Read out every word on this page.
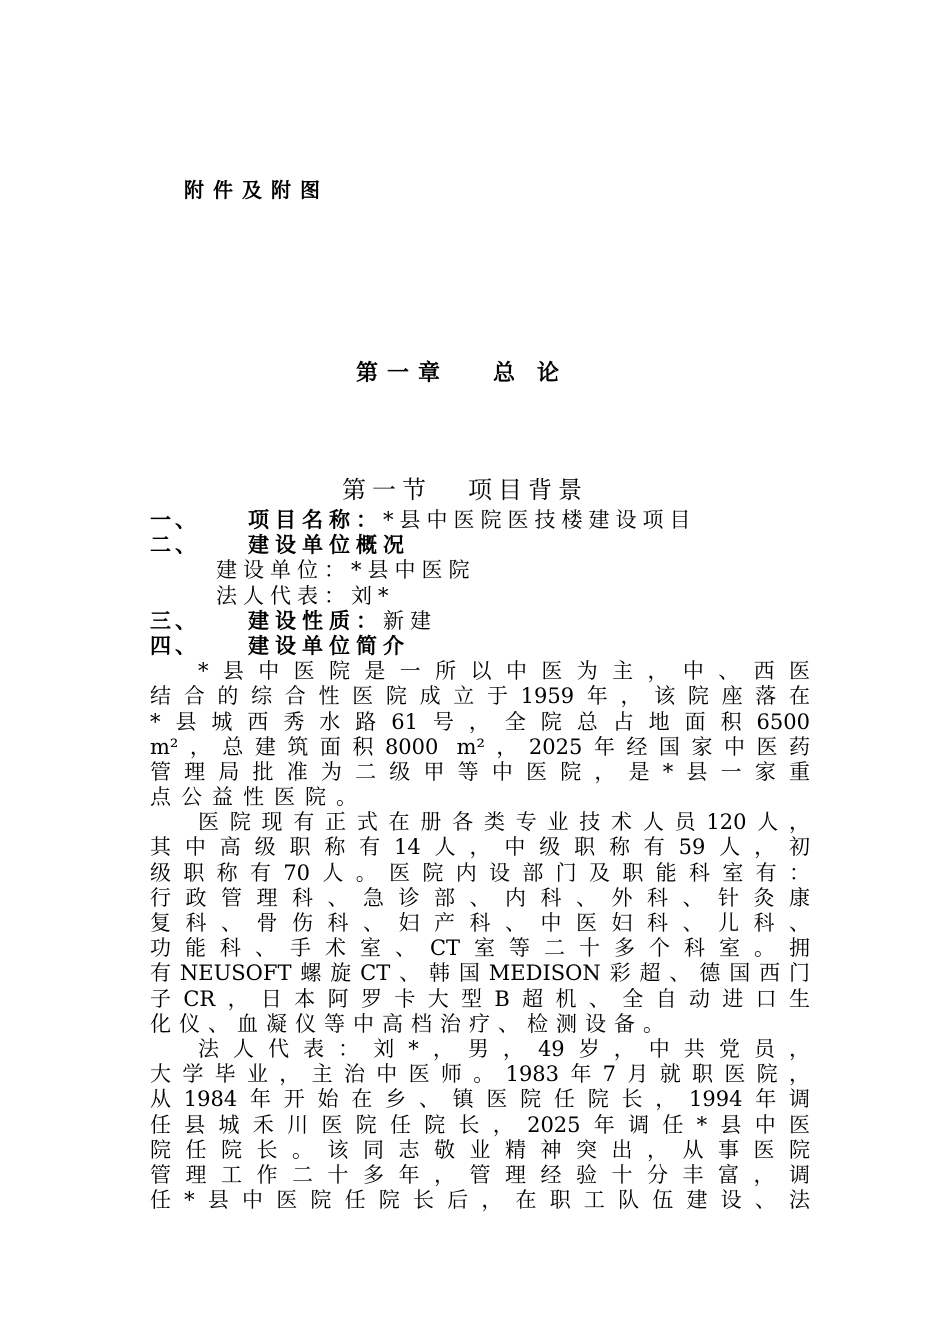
附件及附图
第一章 总　论
第一节 项目背景
一、 项目名称：*县中医院医技楼建设项目
二、 建设单位概况
建设单位：*县中医院
法人代表：刘*
三、 建设性质：新建
四、 建设单位简介
*县中医院是一所以中医为主，中、西医
结合的综合性医院成立于1959年，该院座落在
*县城西秀水路61号，全院总占地面积6500
m²，总建筑面积8000 m²，2025年经国家中医药
管理局批准为二级甲等中医院，是*县一家重
点公益性医院。
医院现有正式在册各类专业技术人员120人，
其中高级职称有14人，中级职称有59人，初
级职称有70人。医院内设部门及职能科室有：
行政管理科、急诊部、内科、外科、针灸康
复科、骨伤科、妇产科、中医妇科、儿科、
功能科、手术室、CT室等二十多个科室。拥
有NEUSOFT螺旋CT、韩国MEDISON彩超、德国西门
子CR，日本阿罗卡大型B超机、全自动进口生
化仪、血凝仪等中高档治疗、检测设备。
法人代表：刘*，男，49岁，中共党员，
大学毕业，主治中医师。1983年7月就职医院，
从1984年开始在乡、镇医院任院长，1994年调
任县城禾川医院任院长，2025年调任*县中医
院任院长。该同志敬业精神突出，从事医院
管理工作二十多年，管理经验十分丰富，调
任*县中医院任院长后，在职工队伍建设、法
